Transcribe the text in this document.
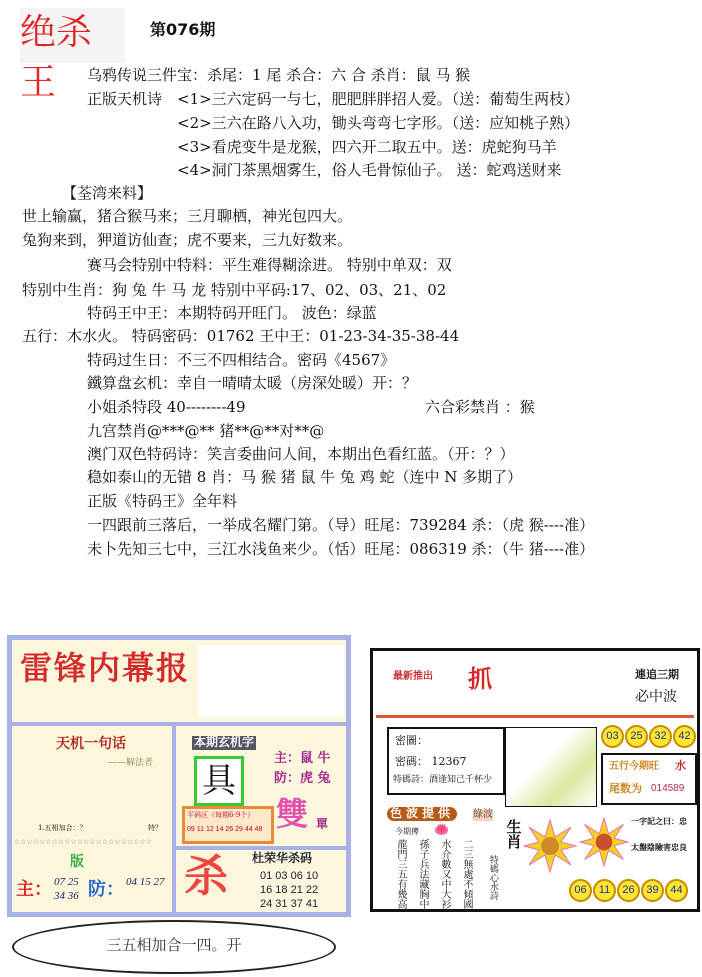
绝杀王
第076期
乌鸦传说三件宝：杀尾：1 尾 杀合：六 合 杀肖：鼠 马 猴
正版天机诗 <1>三六定码一与七，肥肥胖胖招人爱。（送：葡萄生两枝）
<2>三六在路八入功，锄头弯弯七字形。（送：应知桃子熟）
<3>看虎变牛是龙猴，四六开二取五中。送：虎蛇狗马羊
<4>洞门茶黑烟雾生，俗人毛骨惊仙子。 送：蛇鸡送财来
【荃湾来料】
世上输赢，猪合猴马来；三月聊栖，神光包四大。
兔狗来到，狎道访仙查；虎不要来，三九好数来。
赛马会特别中特料：平生难得糊涂进。 特别中单双：双
特别中生肖：狗 兔 牛 马 龙 特别中平码:17、02、03、21、02
特码王中王：本期特码开旺门。 波色：绿蓝
五行：木水火。 特码密码：01762 王中王：01-23-34-35-38-44
特码过生日：不三不四相结合。密码《4567》
鐵算盘玄机：幸自一晴晴太暖（房深处暖）开：？
小姐杀特段 40--------49	六合彩禁肖 ：猴
九宫禁肖@***@** 猪**@**对**@
澳门双色特码诗：笑言委曲问人间，本期出色看红蓝。（开：？）
稳如泰山的无错 8 肖：马 猴 猪 鼠 牛 兔 鸡 蛇（连中 N 多期了）
正版《特码王》全年料
一四跟前三落后，一举成名耀门第。（导）旺尾：739284 杀：（虎 猴----准）
未卜先知三七中，三江水浅鱼来少。（恬）旺尾：086319 杀：（牛 猪----准）
雷锋内幕报
天机一句话
——解法者
本期玄机字
具
主：鼠 牛
防：虎 兔
雙 單
平码区（每期6-9个）
09 11 12 14 26 29 44 48
1.五相加合：？	特？
☆☆☆☆☆☆☆☆☆☆☆☆☆☆☆☆☆☆☆☆☆☆
版
主： 07 25
34 36 防： 04 15 27 杀 杜荣华杀码
01 03 06 10
16 18 21 22
24 31 37 41
三五相加合一四。开
最新推出 抓	連追三期
必中波
密圖：
密碼： 12367
特碼詩：酒逢知己千杯少
03 25 32 42
五行今期旺 水
尾数为 014589
色波提供	綠波
今期傳 單
龍門三五有幾高 孫子兵法藏胸中 水介數又中大衫 二三無處不傾國
生肖
特碼心水詩
一字記之曰：忠
太盤陰險害忠良
06 11 26 39 44
